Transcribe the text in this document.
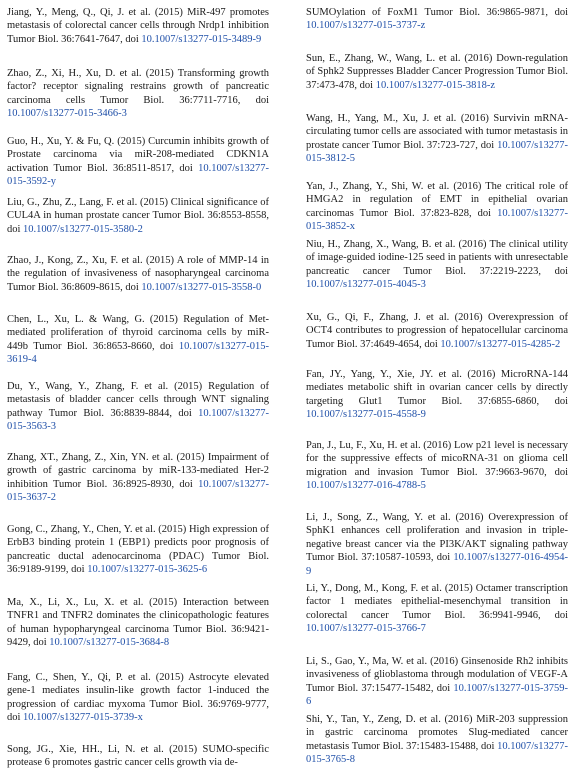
Jiang, Y., Meng, Q., Qi, J. et al. (2015) MiR-497 promotes metastasis of colorectal cancer cells through Nrdp1 inhibition Tumor Biol. 36:7641-7647, doi 10.1007/s13277-015-3489-9
Zhao, Z., Xi, H., Xu, D. et al. (2015) Transforming growth factor? receptor signaling restrains growth of pancreatic carcinoma cells Tumor Biol. 36:7711-7716, doi 10.1007/s13277-015-3466-3
Guo, H., Xu, Y. & Fu, Q. (2015) Curcumin inhibits growth of Prostate carcinoma via miR-208-mediated CDKN1A activation Tumor Biol. 36:8511-8517, doi 10.1007/s13277-015-3592-y
Liu, G., Zhu, Z., Lang, F. et al. (2015) Clinical significance of CUL4A in human prostate cancer Tumor Biol. 36:8553-8558, doi 10.1007/s13277-015-3580-2
Zhao, J., Kong, Z., Xu, F. et al. (2015) A role of MMP-14 in the regulation of invasiveness of nasopharyngeal carcinoma Tumor Biol. 36:8609-8615, doi 10.1007/s13277-015-3558-0
Chen, L., Xu, L. & Wang, G. (2015) Regulation of Met-mediated proliferation of thyroid carcinoma cells by miR-449b Tumor Biol. 36:8653-8660, doi 10.1007/s13277-015-3619-4
Du, Y., Wang, Y., Zhang, F. et al. (2015) Regulation of metastasis of bladder cancer cells through WNT signaling pathway Tumor Biol. 36:8839-8844, doi 10.1007/s13277-015-3563-3
Zhang, XT., Zhang, Z., Xin, YN. et al. (2015) Impairment of growth of gastric carcinoma by miR-133-mediated Her-2 inhibition Tumor Biol. 36:8925-8930, doi 10.1007/s13277-015-3637-2
Gong, C., Zhang, Y., Chen, Y. et al. (2015) High expression of ErbB3 binding protein 1 (EBP1) predicts poor prognosis of pancreatic ductal adenocarcinoma (PDAC) Tumor Biol. 36:9189-9199, doi 10.1007/s13277-015-3625-6
Ma, X., Li, X., Lu, X. et al. (2015) Interaction between TNFR1 and TNFR2 dominates the clinicopathologic features of human hypopharyngeal carcinoma Tumor Biol. 36:9421-9429, doi 10.1007/s13277-015-3684-8
Fang, C., Shen, Y., Qi, P. et al. (2015) Astrocyte elevated gene-1 mediates insulin-like growth factor 1-induced the progression of cardiac myxoma Tumor Biol. 36:9769-9777, doi 10.1007/s13277-015-3739-x
Song, JG., Xie, HH., Li, N. et al. (2015) SUMO-specific protease 6 promotes gastric cancer cells growth via de-
SUMOylation of FoxM1 Tumor Biol. 36:9865-9871, doi 10.1007/s13277-015-3737-z
Sun, E., Zhang, W., Wang, L. et al. (2016) Down-regulation of Sphk2 Suppresses Bladder Cancer Progression Tumor Biol. 37:473-478, doi 10.1007/s13277-015-3818-z
Wang, H., Yang, M., Xu, J. et al. (2016) Survivin mRNA-circulating tumor cells are associated with tumor metastasis in prostate cancer Tumor Biol. 37:723-727, doi 10.1007/s13277-015-3812-5
Yan, J., Zhang, Y., Shi, W. et al. (2016) The critical role of HMGA2 in regulation of EMT in epithelial ovarian carcinomas Tumor Biol. 37:823-828, doi 10.1007/s13277-015-3852-x
Niu, H., Zhang, X., Wang, B. et al. (2016) The clinical utility of image-guided iodine-125 seed in patients with unresectable pancreatic cancer Tumor Biol. 37:2219-2223, doi 10.1007/s13277-015-4045-3
Xu, G., Qi, F., Zhang, J. et al. (2016) Overexpression of OCT4 contributes to progression of hepatocellular carcinoma Tumor Biol. 37:4649-4654, doi 10.1007/s13277-015-4285-2
Fan, JY., Yang, Y., Xie, JY. et al. (2016) MicroRNA-144 mediates metabolic shift in ovarian cancer cells by directly targeting Glut1 Tumor Biol. 37:6855-6860, doi 10.1007/s13277-015-4558-9
Pan, J., Lu, F., Xu, H. et al. (2016) Low p21 level is necessary for the suppressive effects of micoRNA-31 on glioma cell migration and invasion Tumor Biol. 37:9663-9670, doi 10.1007/s13277-016-4788-5
Li, J., Song, Z., Wang, Y. et al. (2016) Overexpression of SphK1 enhances cell proliferation and invasion in triple-negative breast cancer via the PI3K/AKT signaling pathway Tumor Biol. 37:10587-10593, doi 10.1007/s13277-016-4954-9
Li, Y., Dong, M., Kong, F. et al. (2015) Octamer transcription factor 1 mediates epithelial-mesenchymal transition in colorectal cancer Tumor Biol. 36:9941-9946, doi 10.1007/s13277-015-3766-7
Li, S., Gao, Y., Ma, W. et al. (2016) Ginsenoside Rh2 inhibits invasiveness of glioblastoma through modulation of VEGF-A Tumor Biol. 37:15477-15482, doi 10.1007/s13277-015-3759-6
Shi, Y., Tan, Y., Zeng, D. et al. (2016) MiR-203 suppression in gastric carcinoma promotes Slug-mediated cancer metastasis Tumor Biol. 37:15483-15488, doi 10.1007/s13277-015-3765-8
